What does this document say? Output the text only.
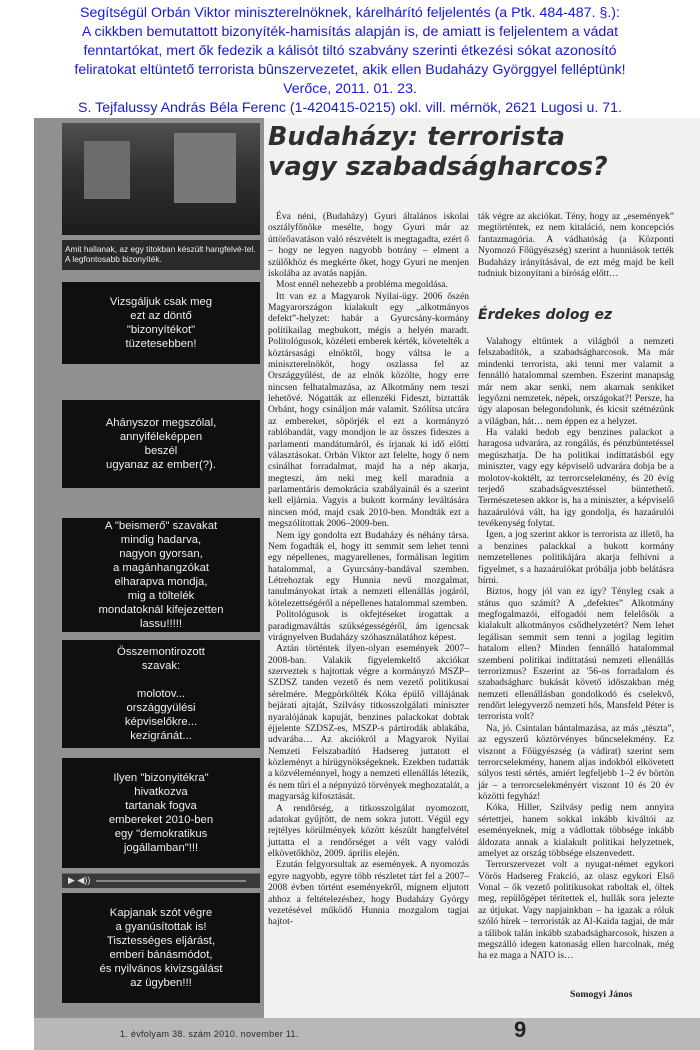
Segítségül Orbán Viktor miniszterelnöknek, kárelhárító feljelentés (a Ptk. 484-487. §.):
A cikkben bemutattott bizonyíték-hamisítás alapján is, de amiatt is feljelentem a vádat
fenntartókat, mert ők fedezik a kálisót tiltó szabvány szerinti étkezési sókat azonosító
feliratokat eltüntető terrorista bûnszervezetet, akik ellen Budaházy Györggyel felléptünk!
Verőce, 2011. 01. 23.
S. Tejfalussy András Béla Ferenc (1-420415-0215) okl. vill. mérnök, 2621 Lugosi u. 71.
Amit hallanak, az egy titokban készült hangfelvé-tel. A legfontosabb bizonyíték.
Vizsgáljuk csak meg
ezt az döntő
"bizonyítékot"
tüzetesebben!
Ahányszor megszólal,
annyiféleképpen
beszél
ugyanaz az ember(?).
A "beismerő" szavakat
mindig hadarva,
nagyon gyorsan,
a magánhangzókat
elharapva mondja,
mig a töltelék
mondatoknál kifejezetten
lassu!!!!!
Összemontirozott
szavak:

molotov...
országgyülési
képviselőkre...
kezigránát...
Ilyen "bizonyitékra"
hivatkozva
tartanak fogva
embereket 2010-ben
egy "demokratikus
jogállamban"!!!
▶ ◀))
Kapjanak szót végre
a gyanúsítottak is!
Tisztességes eljárást,
emberi bánásmódot,
és nyilvános kivizsgálást
az ügyben!!!
Budaházy: terrorista
vagy szabadságharcos?

Éva néni, (Budaházy) Gyuri általános iskolai osztályfőnöke mesélte, hogy Gyuri már az úttörőavatáson való részvételt is megtagadta, ezért ő – hogy ne legyen nagyobb botrány – elment a szülőkhöz és megkérte őket, hogy Gyuri ne menjen iskolába az avatás napján.

Most ennél nehezebb a probléma megoldása.

Itt van ez a Magyarok Nyilai-ügy. 2006 őszén Magyarországon kialakult egy „alkotmányos defekt”-helyzet: habár a Gyurcsány-kormány politikailag megbukott, mégis a helyén maradt. Politológusok, közéleti emberek kérték, követelték a köztársasági elnöktől, hogy váltsa le a miniszterelnököt, hogy oszlassa fel az Országgyűlést, de az elnök közölte, hogy erre nincsen felhatalmazása, az Alkotmány nem teszi lehetővé. Nógatták az ellenzéki Fideszt, biztatták Orbánt, hogy csináljon már valamit. Szólítsa utcára az embereket, söpörjék el ezt a kormányzó rablóbandát, vagy mondjon le az összes fideszes a parlamenti mandátumáról, és írjanak ki idő előtti választásokat. Orbán Viktor azt felelte, hogy ő nem csinálhat forradalmat, majd ha a nép akarja, megteszi, ám neki meg kell maradnia a parlamentáris demokrácia szabályainál és a szerint kell eljárnia. Vagyis a bukott kormány leváltására nincsen mód, majd csak 2010-ben. Mondták ezt a megszólítottak 2006–2009-ben.

Nem így gondolta ezt Budaházy és néhány társa. Nem fogadták el, hogy itt semmit sem lehet tenni egy népellenes, magyarellenes, formálisan legitim hatalommal, a Gyurcsány-bandával szemben. Létrehoztak egy Hunnia nevű mozgalmat, tanulmányokat írtak a nemzeti ellenállás jogáról, kötelezettségéről a népellenes hatalommal szemben.

Politológusok is okfejtéseket írogattak a paradigmaváltás szükségességéről, ám igencsak virágnyelven Budaházy szóhasználatához képest.

Aztán történtek ilyen-olyan események 2007–2008-ban. Valakik figyelemkeltő akciókat szerveztek s hajtottak végre a kormányzó MSZP–SZDSZ tanden vezető és nem vezető politikusai sérelmére. Megpörkölték Kóka épülő villájának bejárati ajtaját, Szilvásy titkosszolgálati miniszter nyaralójának kapuját, benzines palackokat dobtak éjjelente SZDSZ-es, MSZP-s pártirodák ablakába, udvarába… Az akciókról a Magyarok Nyilai Nemzeti Felszabadító Hadsereg juttatott el közleményt a hírügynökségeknek. Ezekben tudatták a közvéleménnyel, hogy a nemzeti ellenállás létezik, és nem tűri el a népnyúzó törvények meghozatalát, a magyarság kifosztását.

A rendőrség, a titkosszolgálat nyomozott, adatokat gyűjtött, de nem sokra jutott. Végül egy rejtélyes körülmények között készült hangfelvétel juttatta el a rendőrséget a vélt vagy valódi elkövetőkhöz, 2009. április elején.

Ezután felgyorsultak az események. A nyomozás egyre nagyobb, egyre több részletet tárt fel a 2007–2008 évben történt eseményekről, mígnem eljutott ahhoz a feltételezéshez, hogy Budaházy György vezetésével működő Hunnia mozgalom tagjai hajtot-

ták végre az akciókat. Tény, hogy az „események” megtörténtek, ez nem kitaláció, nem koncepciós fantazmagória. A vádhatóság (a Központi Nyomozó Főügyészség) szerint a hunniások tették Budaházy irányításával, de ezt még majd be kell tudniuk bizonyítani a bíróság előtt…

Érdekes dolog ez

Valahogy eltűntek a világból a nemzeti felszabadítók, a szabadságharcosok. Ma már mindenki terrorista, aki tenni mer valamit a fennálló hatalommal szemben. Eszerint manapság már nem akar senki, nem akarnak senkiket legyőzni nemzetek, népek, országokat?! Persze, ha úgy alaposan belegondolunk, és kicsit szétnézünk a világban, hát… nem éppen ez a helyzet.

Ha valaki bedob egy benzines palackot a haragosa udvarára, az rongálás, és pénzbüntetéssel megúszhatja. De ha politikai indíttatásból egy miniszter, vagy egy képviselő udvarára dobja be a molotov-koktélt, az terrorcselekmény, és 20 évig terjedő szabadságvesztéssel büntethető. Természetesen akkor is, ha a miniszter, a képviselő hazaárulóvá vált, ha így gondolja, és hazaárulói tevékenység folytat.

Igen, a jog szerint akkor is terrorista az illető, ha a benzines palackkal a bukott kormány nemzetellenes politikájára akarja felhívni a figyelmet, s a hazaárulókat próbálja jobb belátásra bírni.

Biztos, hogy jól van ez így? Tényleg csak a státus quo számít? A „defektes” Alkotmány megfogalmazói, elfogadói nem felelősök a kialakult alkotmányos csődhelyzetért? Nem lehet legálisan semmit sem tenni a jogilag legitim hatalom ellen? Minden fennálló hatalommal szembeni politikai indíttatású nemzeti ellenállás terrorizmus? Eszerint az '56-os forradalom és szabadságharc bukását követő időszakban még nemzeti ellenállásban gondolkodó és cselekvő, rendőrt lelegyverző nemzeti hős, Mansfeld Péter is terrorista volt?

Na, jó. Csintalan bántalmazása, az más „tészta”, az egyszerű köztörvényes bűncselekmény. Ez viszont a Főügyészség (a vádirat) szerint sem terrorcselekmény, hanem aljas indokból elkövetett súlyos testi sértés, amiért legfeljebb 1–2 év börtön jár – a terrorcselekményért viszont 10 és 20 év közötti fegyház!

Kóka, Hiller, Szilvásy pedig nem annyira sértettjei, hanem sokkal inkább kiváltói az eseményeknek, míg a vádlottak többsége inkább áldozata annak a kialakult politikai helyzetnek, amelyet az ország többsége elszenvedett.

Terrorszervezet volt a nyugat-német egykori Vörös Hadsereg Frakció, az olasz egykori Első Vonal – ők vezető politikusokat raboltak el, öltek meg, repülőgépet térítettek el, hullák sora jelezte az útjukat. Vagy napjainkban – ha igazak a róluk szóló hírek – terroristák az Al-Kaida tagjai, de már a tálibok talán inkább szabadságharcosok, hiszen a megszálló idegen katonaság ellen harcolnak, még ha ez maga a NATO is…

Somogyi János
1. évfolyam 38. szám 2010. november 11.	9
